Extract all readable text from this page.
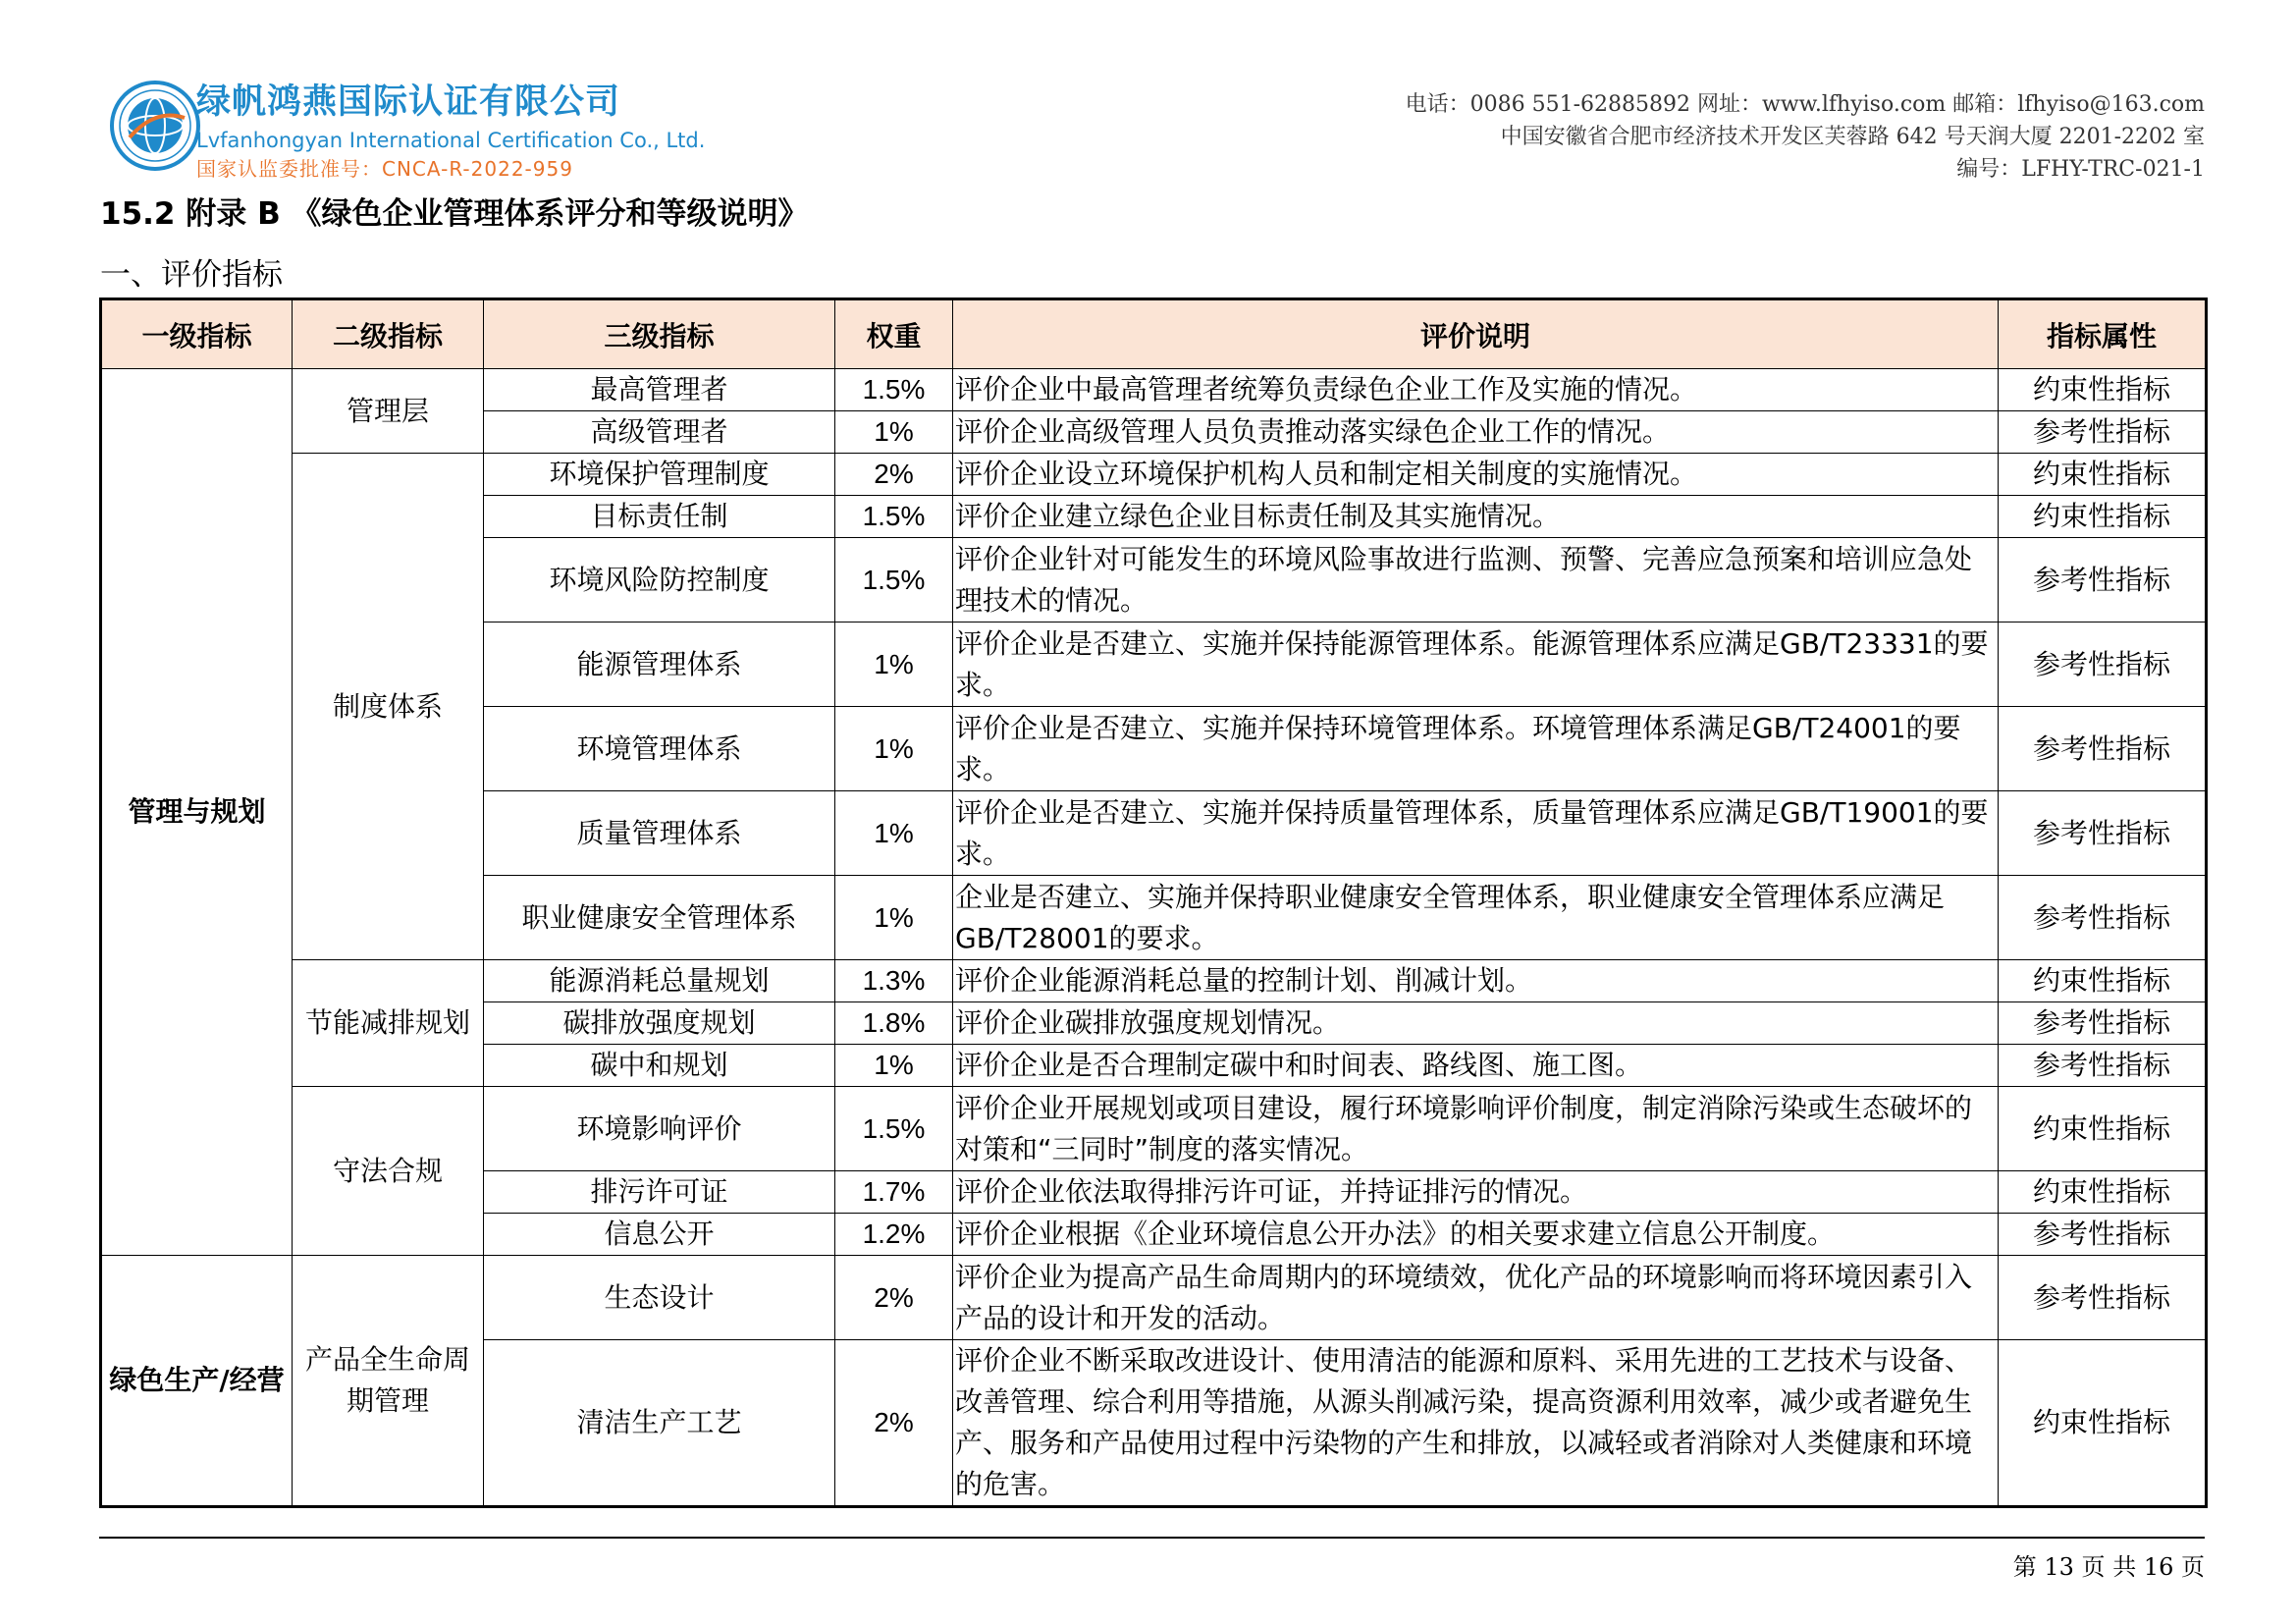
绿帆鸿燕国际认证有限公司
Lvfanhongyan International Certification Co., Ltd.
国家认监委批准号：CNCA-R-2022-959
电话：0086 551-62885892 网址：www.lfhyiso.com 邮箱：lfhyiso@163.com
中国安徽省合肥市经济技术开发区芙蓉路 642 号天润大厦 2201-2202 室
编号：LFHY-TRC-021-1
15.2 附录 B 《绿色企业管理体系评分和等级说明》
一、评价指标
一级指标	二级指标	三级指标	权重	评价说明	指标属性
管理与规划	管理层	最高管理者	1.5%	评价企业中最高管理者统筹负责绿色企业工作及实施的情况。	约束性指标
		高级管理者	1%	评价企业高级管理人员负责推动落实绿色企业工作的情况。	参考性指标
	制度体系	环境保护管理制度	2%	评价企业设立环境保护机构人员和制定相关制度的实施情况。	约束性指标
		目标责任制	1.5%	评价企业建立绿色企业目标责任制及其实施情况。	约束性指标
		环境风险防控制度	1.5%	评价企业针对可能发生的环境风险事故进行监测、预警、完善应急预案和培训应急处理技术的情况。	参考性指标
		能源管理体系	1%	评价企业是否建立、实施并保持能源管理体系。能源管理体系应满足GB/T23331的要求。	参考性指标
		环境管理体系	1%	评价企业是否建立、实施并保持环境管理体系。环境管理体系满足GB/T24001的要求。	参考性指标
		质量管理体系	1%	评价企业是否建立、实施并保持质量管理体系，质量管理体系应满足GB/T19001的要求。	参考性指标
		职业健康安全管理体系	1%	企业是否建立、实施并保持职业健康安全管理体系，职业健康安全管理体系应满足GB/T28001的要求。	参考性指标
	节能减排规划	能源消耗总量规划	1.3%	评价企业能源消耗总量的控制计划、削减计划。	约束性指标
		碳排放强度规划	1.8%	评价企业碳排放强度规划情况。	参考性指标
		碳中和规划	1%	评价企业是否合理制定碳中和时间表、路线图、施工图。	参考性指标
	守法合规	环境影响评价	1.5%	评价企业开展规划或项目建设，履行环境影响评价制度，制定消除污染或生态破坏的对策和“三同时”制度的落实情况。	约束性指标
		排污许可证	1.7%	评价企业依法取得排污许可证，并持证排污的情况。	约束性指标
		信息公开	1.2%	评价企业根据《企业环境信息公开办法》的相关要求建立信息公开制度。	参考性指标
绿色生产/经营	产品全生命周期管理	生态设计	2%	评价企业为提高产品生命周期内的环境绩效，优化产品的环境影响而将环境因素引入产品的设计和开发的活动。	参考性指标
		清洁生产工艺	2%	评价企业不断采取改进设计、使用清洁的能源和原料、采用先进的工艺技术与设备、改善管理、综合利用等措施，从源头削减污染，提高资源利用效率，减少或者避免生产、服务和产品使用过程中污染物的产生和排放，以减轻或者消除对人类健康和环境的危害。	约束性指标
第 13 页 共 16 页
